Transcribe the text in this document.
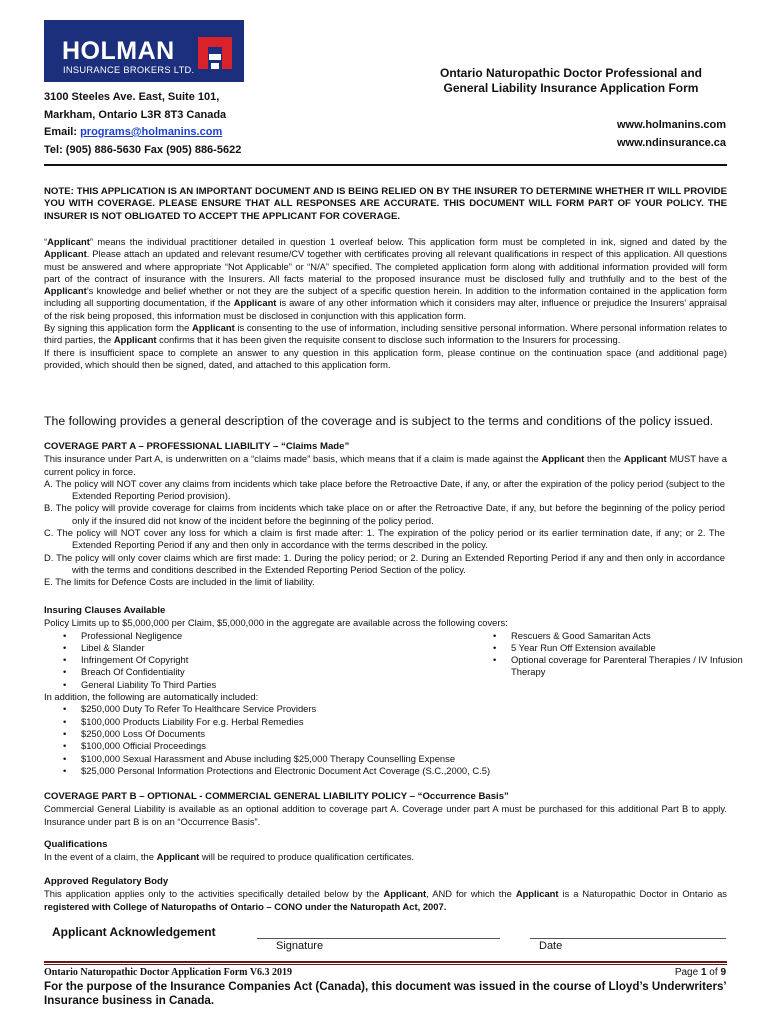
HOLMAN
INSURANCE BROKERS LTD.
3100 Steeles Ave. East, Suite 101,
Markham, Ontario L3R 8T3 Canada
Email: programs@holmanins.com
Tel: (905) 886-5630 Fax (905) 886-5622
Ontario Naturopathic Doctor Professional and
General Liability Insurance Application Form
www.holmanins.com
www.ndinsurance.ca
NOTE: THIS APPLICATION IS AN IMPORTANT DOCUMENT AND IS BEING RELIED ON BY THE INSURER TO DETERMINE WHETHER IT WILL PROVIDE YOU WITH COVERAGE. PLEASE ENSURE THAT ALL RESPONSES ARE ACCURATE. THIS DOCUMENT WILL FORM PART OF YOUR POLICY. THE INSURER IS NOT OBLIGATED TO ACCEPT THE APPLICANT FOR COVERAGE.

“Applicant” means the individual practitioner detailed in question 1 overleaf below. This application form must be completed in ink, signed and dated by the Applicant. Please attach an updated and relevant resume/CV together with certificates proving all relevant qualifications in respect of this application. All questions must be answered and where appropriate “Not Applicable” or “N/A” specified. The completed application form along with additional information provided will form part of the contract of insurance with the Insurers. All facts material to the proposed insurance must be disclosed fully and truthfully and to the best of the Applicant’s knowledge and belief whether or not they are the subject of a specific question herein. In addition to the information contained in the application form including all supporting documentation, if the Applicant is aware of any other information which it considers may alter, influence or prejudice the Insurers’ appraisal of the risk being proposed, this information must be disclosed in conjunction with this application form.

By signing this application form the Applicant is consenting to the use of information, including sensitive personal information. Where personal information relates to third parties, the Applicant confirms that it has been given the requisite consent to disclose such information to the Insurers for processing.

If there is insufficient space to complete an answer to any question in this application form, please continue on the continuation space (and additional page) provided, which should then be signed, dated, and attached to this application form.

The following provides a general description of the coverage and is subject to the terms and conditions of the policy issued.
COVERAGE PART A – PROFESSIONAL LIABILITY – “Claims Made”

This insurance under Part A, is underwritten on a “claims made” basis, which means that if a claim is made against the Applicant then the Applicant MUST have a current policy in force.

A. The policy will NOT cover any claims from incidents which take place before the Retroactive Date, if any, or after the expiration of the policy period (subject to the Extended Reporting Period provision).

B. The policy will provide coverage for claims from incidents which take place on or after the Retroactive Date, if any, but before the beginning of the policy period only if the insured did not know of the incident before the beginning of the policy period.

C. The policy will NOT cover any loss for which a claim is first made after: 1. The expiration of the policy period or its earlier termination date, if any; or 2. The Extended Reporting Period if any and then only in accordance with the terms described in the policy.

D. The policy will only cover claims which are first made: 1. During the policy period; or 2. During an Extended Reporting Period if any and then only in accordance with the terms and conditions described in the Extended Reporting Period Section of the policy.

E. The limits for Defence Costs are included in the limit of liability.

Insuring Clauses Available
Policy Limits up to $5,000,000 per Claim, $5,000,000 in the aggregate are available across the following covers:
• Professional Negligence
• Libel & Slander
• Infringement Of Copyright
• Breach Of Confidentiality
• General Liability To Third Parties
• Rescuers & Good Samaritan Acts
• 5 Year Run Off Extension available
• Optional coverage for Parenteral Therapies / IV Infusion Therapy
In addition, the following are automatically included:
• $250,000 Duty To Refer To Healthcare Service Providers
• $100,000 Products Liability For e.g. Herbal Remedies
• $250,000 Loss Of Documents
• $100,000 Official Proceedings
• $100,000 Sexual Harassment and Abuse including $25,000 Therapy Counselling Expense
• $25,000 Personal Information Protections and Electronic Document Act Coverage (S.C.,2000, C.5)
COVERAGE PART B – OPTIONAL - COMMERCIAL GENERAL LIABILITY POLICY – “Occurrence Basis”

Commercial General Liability is available as an optional addition to coverage part A. Coverage under part A must be purchased for this additional Part B to apply. Insurance under part B is on an “Occurrence Basis”.

Qualifications

In the event of a claim, the Applicant will be required to produce qualification certificates.

Approved Regulatory Body

This application applies only to the activities specifically detailed below by the Applicant, AND for which the Applicant is a Naturopathic Doctor in Ontario as registered with College of Naturopaths of Ontario – CONO under the Naturopath Act, 2007.

Applicant Acknowledgement
Signature	Date
Ontario Naturopathic Doctor Application Form V6.3 2019	Page 1 of 9
For the purpose of the Insurance Companies Act (Canada), this document was issued in the course of Lloyd’s Underwriters’ Insurance business in Canada.
